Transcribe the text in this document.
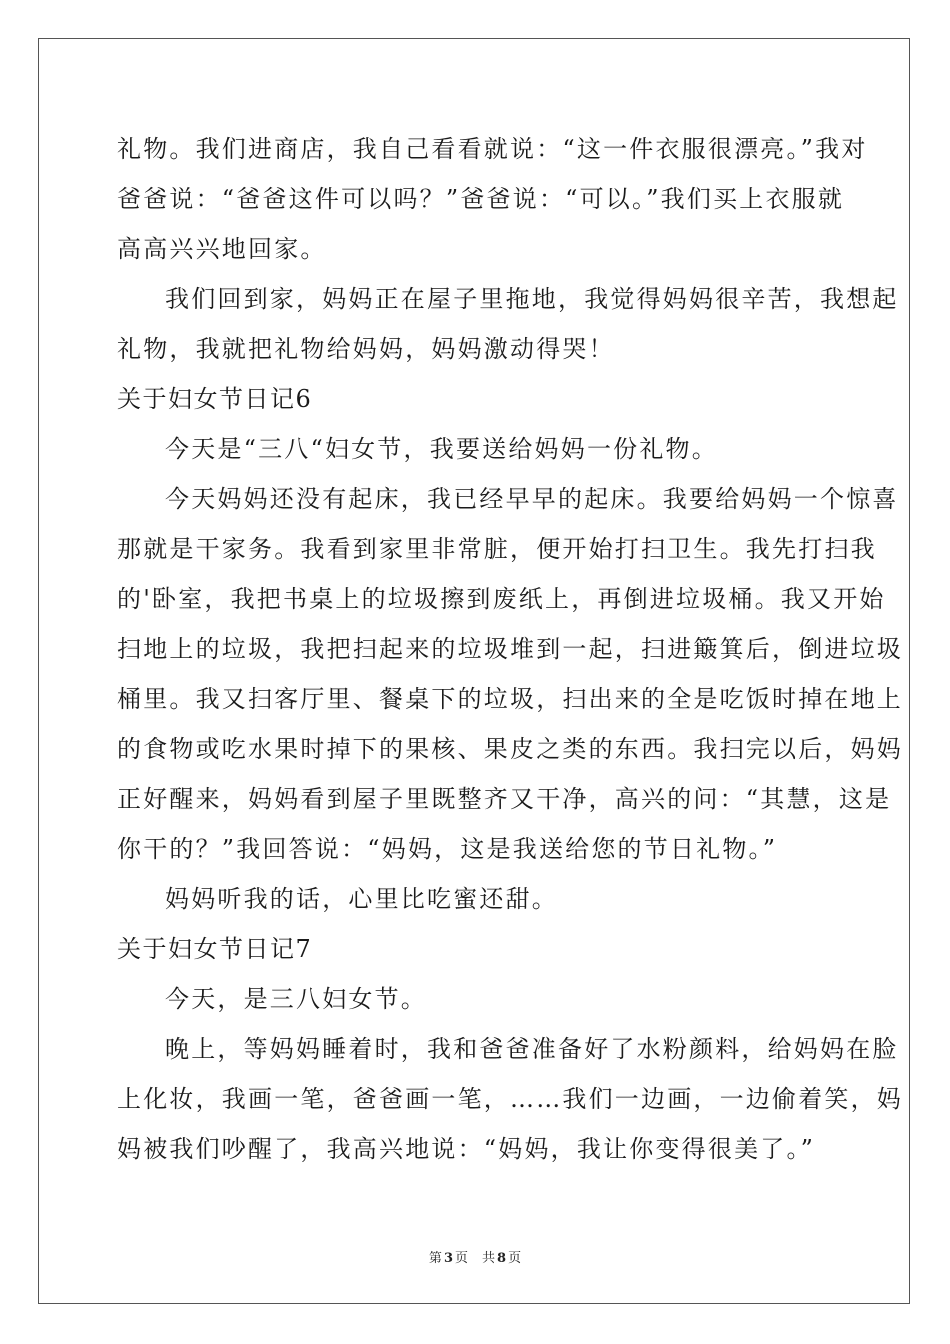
礼物。我们进商店，我自己看看就说：“这一件衣服很漂亮。”我对
爸爸说：“爸爸这件可以吗？”爸爸说：“可以。”我们买上衣服就
高高兴兴地回家。
我们回到家，妈妈正在屋子里拖地，我觉得妈妈很辛苦，我想起
礼物，我就把礼物给妈妈，妈妈激动得哭！
关于妇女节日记6
今天是“三八“妇女节，我要送给妈妈一份礼物。
今天妈妈还没有起床，我已经早早的起床。我要给妈妈一个惊喜
那就是干家务。我看到家里非常脏，便开始打扫卫生。我先打扫我
的'卧室，我把书桌上的垃圾擦到废纸上，再倒进垃圾桶。我又开始
扫地上的垃圾，我把扫起来的垃圾堆到一起，扫进簸箕后，倒进垃圾
桶里。我又扫客厅里、餐桌下的垃圾，扫出来的全是吃饭时掉在地上
的食物或吃水果时掉下的果核、果皮之类的东西。我扫完以后，妈妈
正好醒来，妈妈看到屋子里既整齐又干净，高兴的问：“其慧，这是
你干的？”我回答说：“妈妈，这是我送给您的节日礼物。”
妈妈听我的话，心里比吃蜜还甜。
关于妇女节日记7
今天，是三八妇女节。
晚上，等妈妈睡着时，我和爸爸准备好了水粉颜料，给妈妈在脸
上化妆，我画一笔，爸爸画一笔，……我们一边画，一边偷着笑，妈
妈被我们吵醒了，我高兴地说：“妈妈，我让你变得很美了。”
第 3 页 共 8 页
